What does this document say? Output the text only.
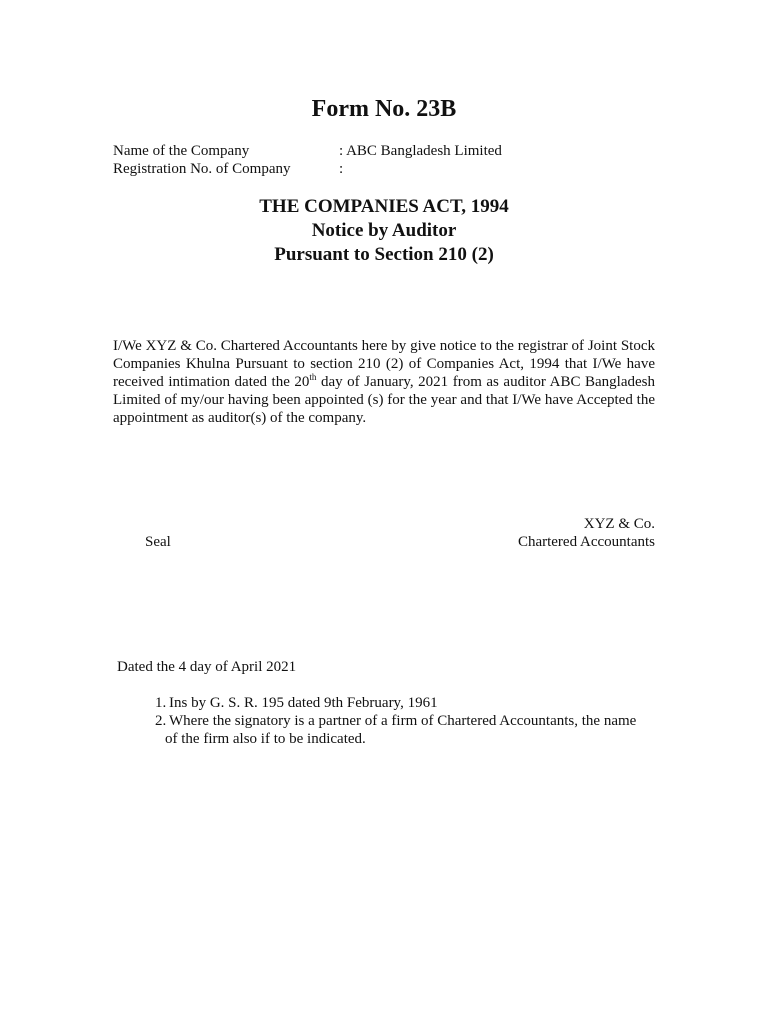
Form No. 23B
Name of the Company	: ABC Bangladesh Limited
Registration No. of Company	:
THE COMPANIES ACT, 1994
Notice by Auditor
Pursuant to Section 210 (2)

I/We XYZ & Co. Chartered Accountants here by give notice to the registrar of Joint Stock Companies Khulna Pursuant to section 210 (2) of Companies Act, 1994 that I/We have received intimation dated the 20th day of January, 2021 from as auditor ABC Bangladesh Limited of my/our having been appointed (s) for the year and that I/We have Accepted the appointment as auditor(s) of the company.

XYZ & Co.
Chartered Accountants
Seal
Dated the 4 day of April 2021
1. Ins by G. S. R. 195 dated 9th February, 1961
2. Where the signatory is a partner of a firm of Chartered Accountants, the name
of the firm also if to be indicated.
